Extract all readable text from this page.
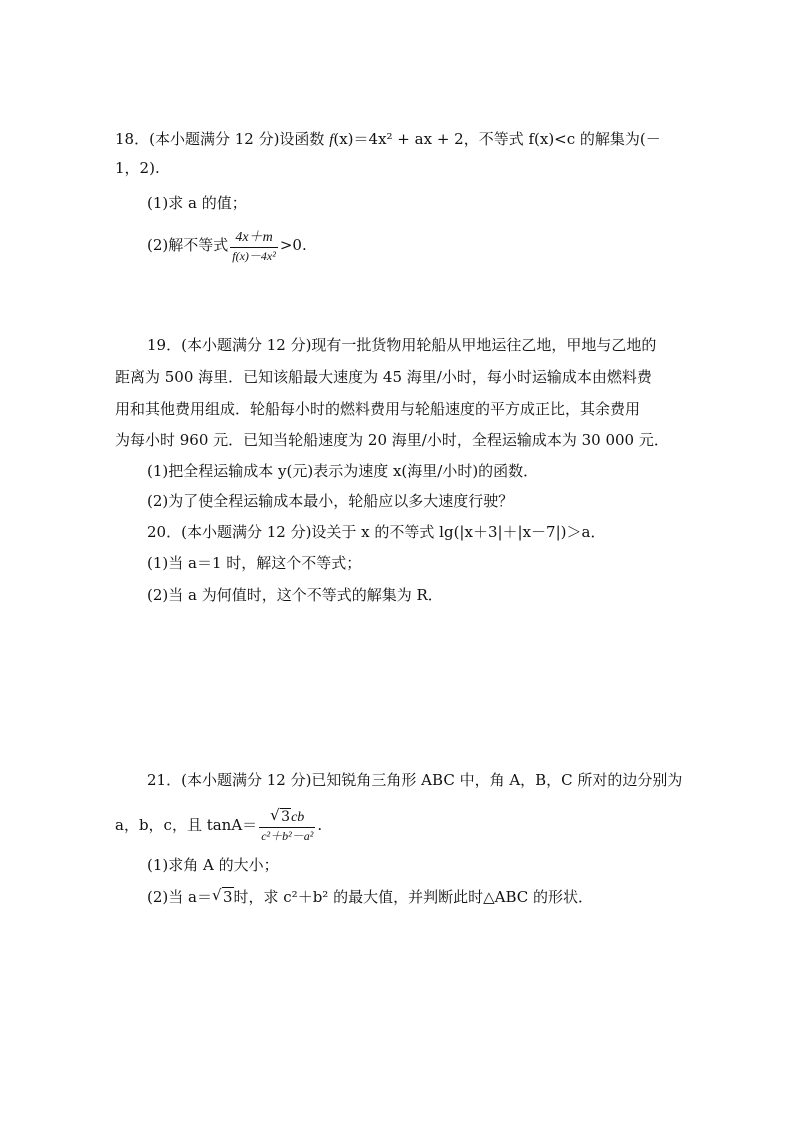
18．(本小题满分 12 分)设函数 f(x)＝4x² + ax + 2，不等式 f(x)<c 的解集为(－
1，2).
(1)求 a 的值；
(2)解不等式 $\frac{4x+m}{\text{f(x)－4x²}} >0$.
19．(本小题满分 12 分)现有一批货物用轮船从甲地运往乙地，甲地与乙地的
距离为 500 海里．已知该船最大速度为 45 海里/小时，每小时运输成本由燃料费
用和其他费用组成．轮船每小时的燃料费用与轮船速度的平方成正比，其余费用
为每小时 960 元．已知当轮船速度为 20 海里/小时，全程运输成本为 30 000 元．
(1)把全程运输成本 y(元)表示为速度 x(海里/小时)的函数．
(2)为了使全程运输成本最小，轮船应以多大速度行驶？
20．(本小题满分 12 分)设关于 x 的不等式 lg(|x＋3|＋|x－7|)＞a．
(1)当 a＝1 时，解这个不等式；
(2)当 a 为何值时，这个不等式的解集为 R．
21．(本小题满分 12 分)已知锐角三角形 ABC 中，角 A，B，C 所对的边分别为
a，b，c，且 tanA＝ √ $\frac{3cb}{\text{c²＋b²－a²}}$ .
(1)求角 A 的大小；
(2)当 a＝ √ 3时，求 c²＋b² 的最大值，并判断此时△ABC 的形状．
